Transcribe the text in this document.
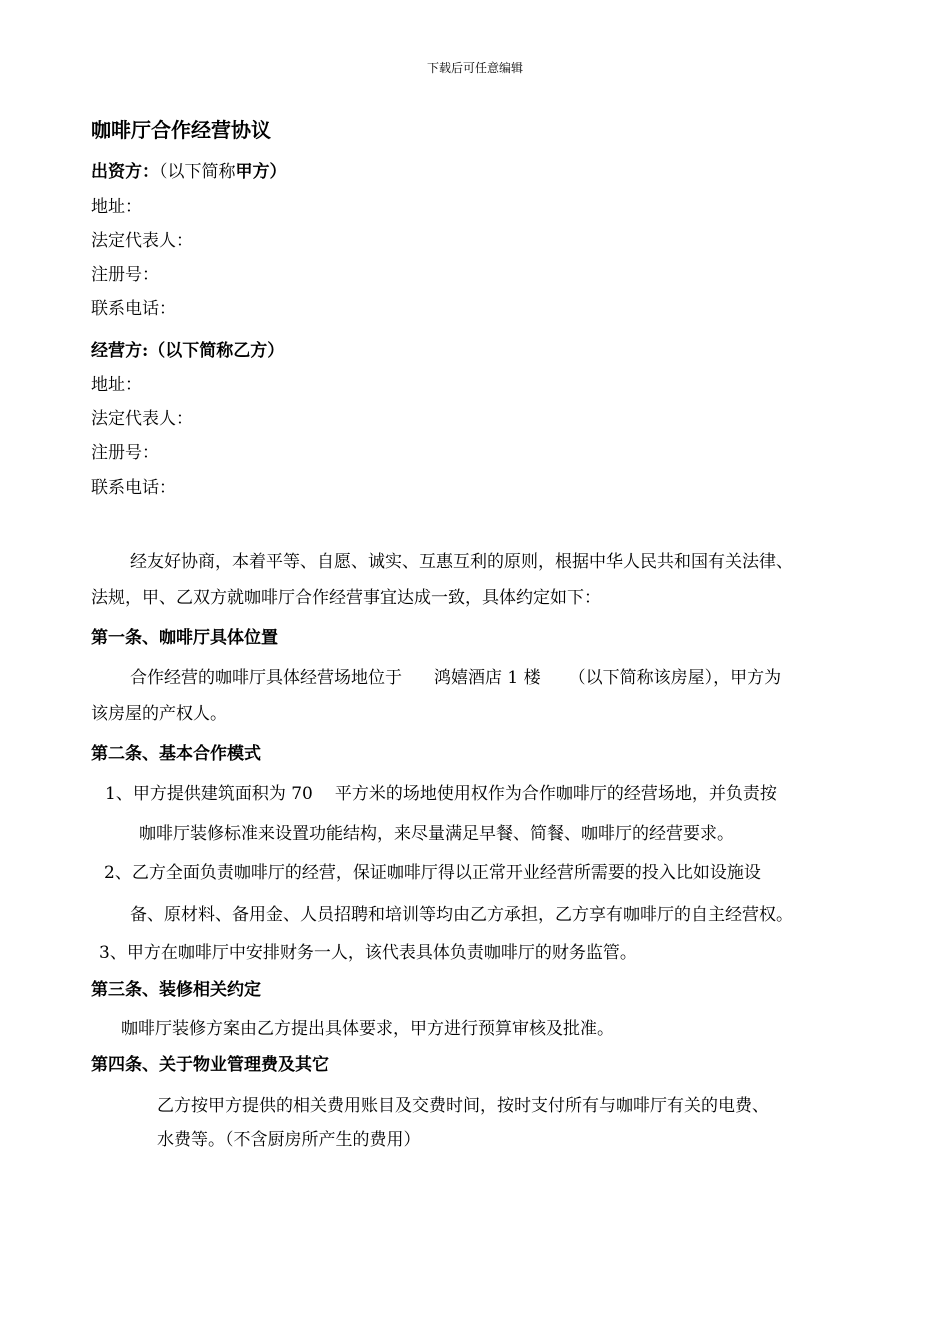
下载后可任意编辑
咖啡厅合作经营协议
出资方：（以下简称甲方）
地址：
法定代表人：
注册号：
联系电话：
经营方:（以下简称乙方）
地址：
法定代表人：
注册号：
联系电话：
经友好协商，本着平等、自愿、诚实、互惠互利的原则，根据中华人民共和国有关法律、
法规，甲、乙双方就咖啡厅合作经营事宜达成一致，具体约定如下：
第一条、咖啡厅具体位置
合作经营的咖啡厅具体经营场地位于 鸿嬉酒店 1 楼 （以下简称该房屋），甲方为
该房屋的产权人。
第二条、基本合作模式
1、甲方提供建筑面积为 70 平方米的场地使用权作为合作咖啡厅的经营场地，并负责按
咖啡厅装修标准来设置功能结构，来尽量满足早餐、简餐、咖啡厅的经营要求。
2、乙方全面负责咖啡厅的经营，保证咖啡厅得以正常开业经营所需要的投入比如设施设
备、原材料、备用金、人员招聘和培训等均由乙方承担，乙方享有咖啡厅的自主经营权。
3、甲方在咖啡厅中安排财务一人，该代表具体负责咖啡厅的财务监管。
第三条、装修相关约定
咖啡厅装修方案由乙方提出具体要求，甲方进行预算审核及批准。
第四条、关于物业管理费及其它
乙方按甲方提供的相关费用账目及交费时间，按时支付所有与咖啡厅有关的电费、
水费等。（不含厨房所产生的费用）
